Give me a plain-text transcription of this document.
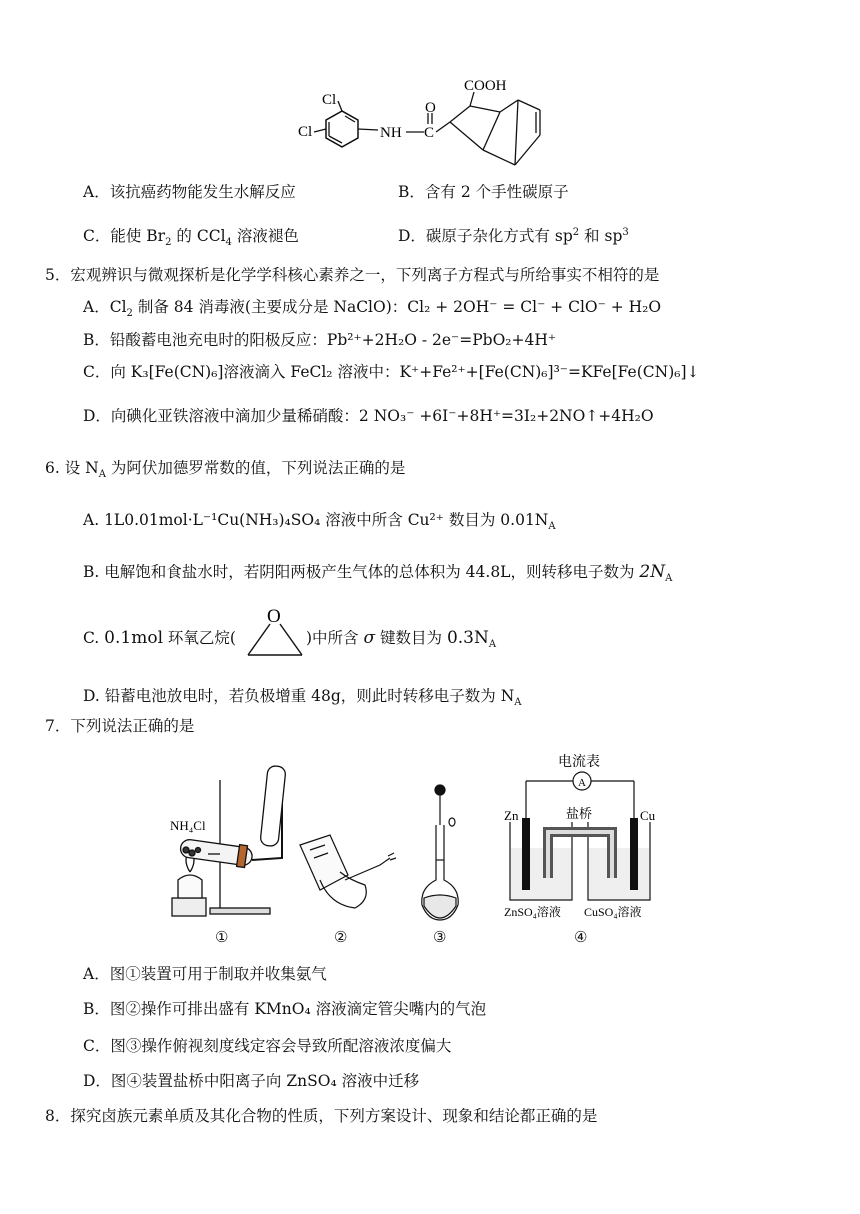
Cl
Cl	NH
O
COOH
C
A．该抗癌药物能发生水解反应	B．含有 2 个手性碳原子
C．能使 $Br_2$ 的 CCl$_4$ 溶液褪色	D．碳原子杂化方式有 $sp^2$ 和 $sp^3$
5．宏观辨识与微观探析是化学学科核心素养之一，下列离子方程式与所给事实不相符的是
A．$Cl_2$ 制备 84 消毒液(主要成分是 NaClO)：Cl₂ + 2OH⁻ = Cl⁻ + ClO⁻ + H₂O
B．铅酸蓄电池充电时的阳极反应：Pb²⁺+2H₂O - 2e⁻=PbO₂+4H⁺
C．向 K₃[Fe(CN)₆]溶液滴入 FeCl₂ 溶液中：K⁺+Fe²⁺+[Fe(CN)₆]³⁻=KFe[Fe(CN)₆]↓
D．向碘化亚铁溶液中滴加少量稀硝酸：2 NO₃⁻ +6I⁻+8H⁺=3I₂+2NO↑+4H₂O
6. 设 $N_A$ 为阿伏加德罗常数的值，下列说法正确的是
A. 1L0.01mol·L⁻¹Cu(NH₃)₄SO₄ 溶液中所含 Cu²⁺ 数目为 $0.01N_A$
B. 电解饱和食盐水时，若阴阳两极产生气体的总体积为 44.8L，则转移电子数为 $2N_A$
C. 0.1mol 环氧乙烷(	)中所含 σ 键数目为 $0.3N_A$
O
D. 铅蓄电池放电时，若负极增重 48g，则此时转移电子数为 $N_A$
7．下列说法正确的是
NH₄Cl
①	②	③
电流表
A
Zn	Cu
盐桥
ZnSO₄溶液 CuSO₄溶液
④
A．图①装置可用于制取并收集氨气
B．图②操作可排出盛有 KMnO₄ 溶液滴定管尖嘴内的气泡
C．图③操作俯视刻度线定容会导致所配溶液浓度偏大
D．图④装置盐桥中阳离子向 ZnSO₄ 溶液中迁移
8．探究卤族元素单质及其化合物的性质，下列方案设计、现象和结论都正确的是
